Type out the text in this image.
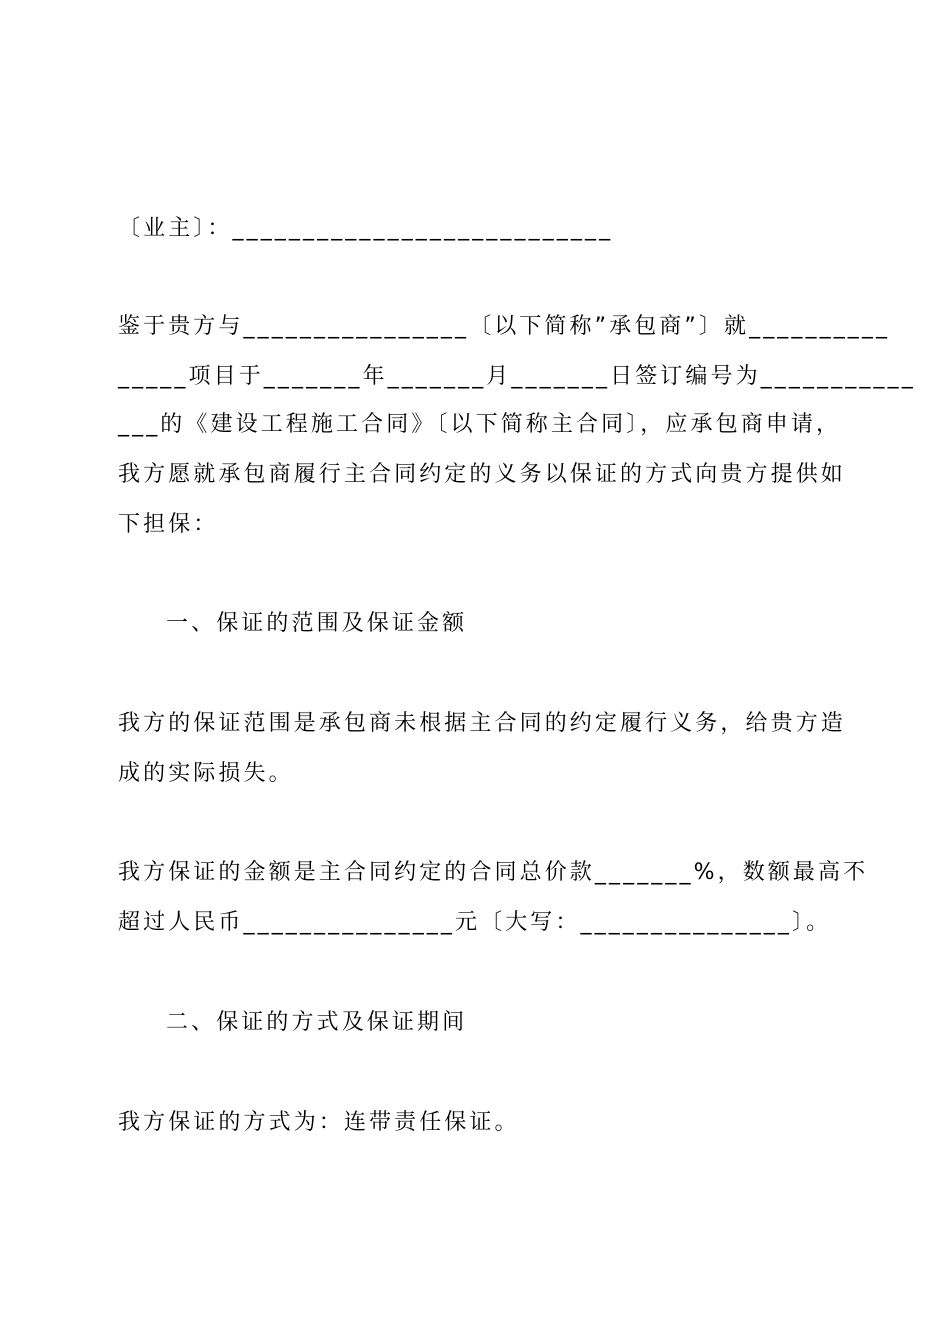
〔业主〕：___________________________
鉴于贵方与________________〔以下简称”承包商”〕就__________
_____项目于_______年_______月_______日签订编号为___________
___的《建设工程施工合同》〔以下简称主合同〕，应承包商申请，
我方愿就承包商履行主合同约定的义务以保证的方式向贵方提供如
下担保：
一、保证的范围及保证金额
我方的保证范围是承包商未根据主合同的约定履行义务，给贵方造
成的实际损失。
我方保证的金额是主合同约定的合同总价款_______%，数额最高不
超过人民币_______________元〔大写：_______________〕。
二、保证的方式及保证期间
我方保证的方式为：连带责任保证。
